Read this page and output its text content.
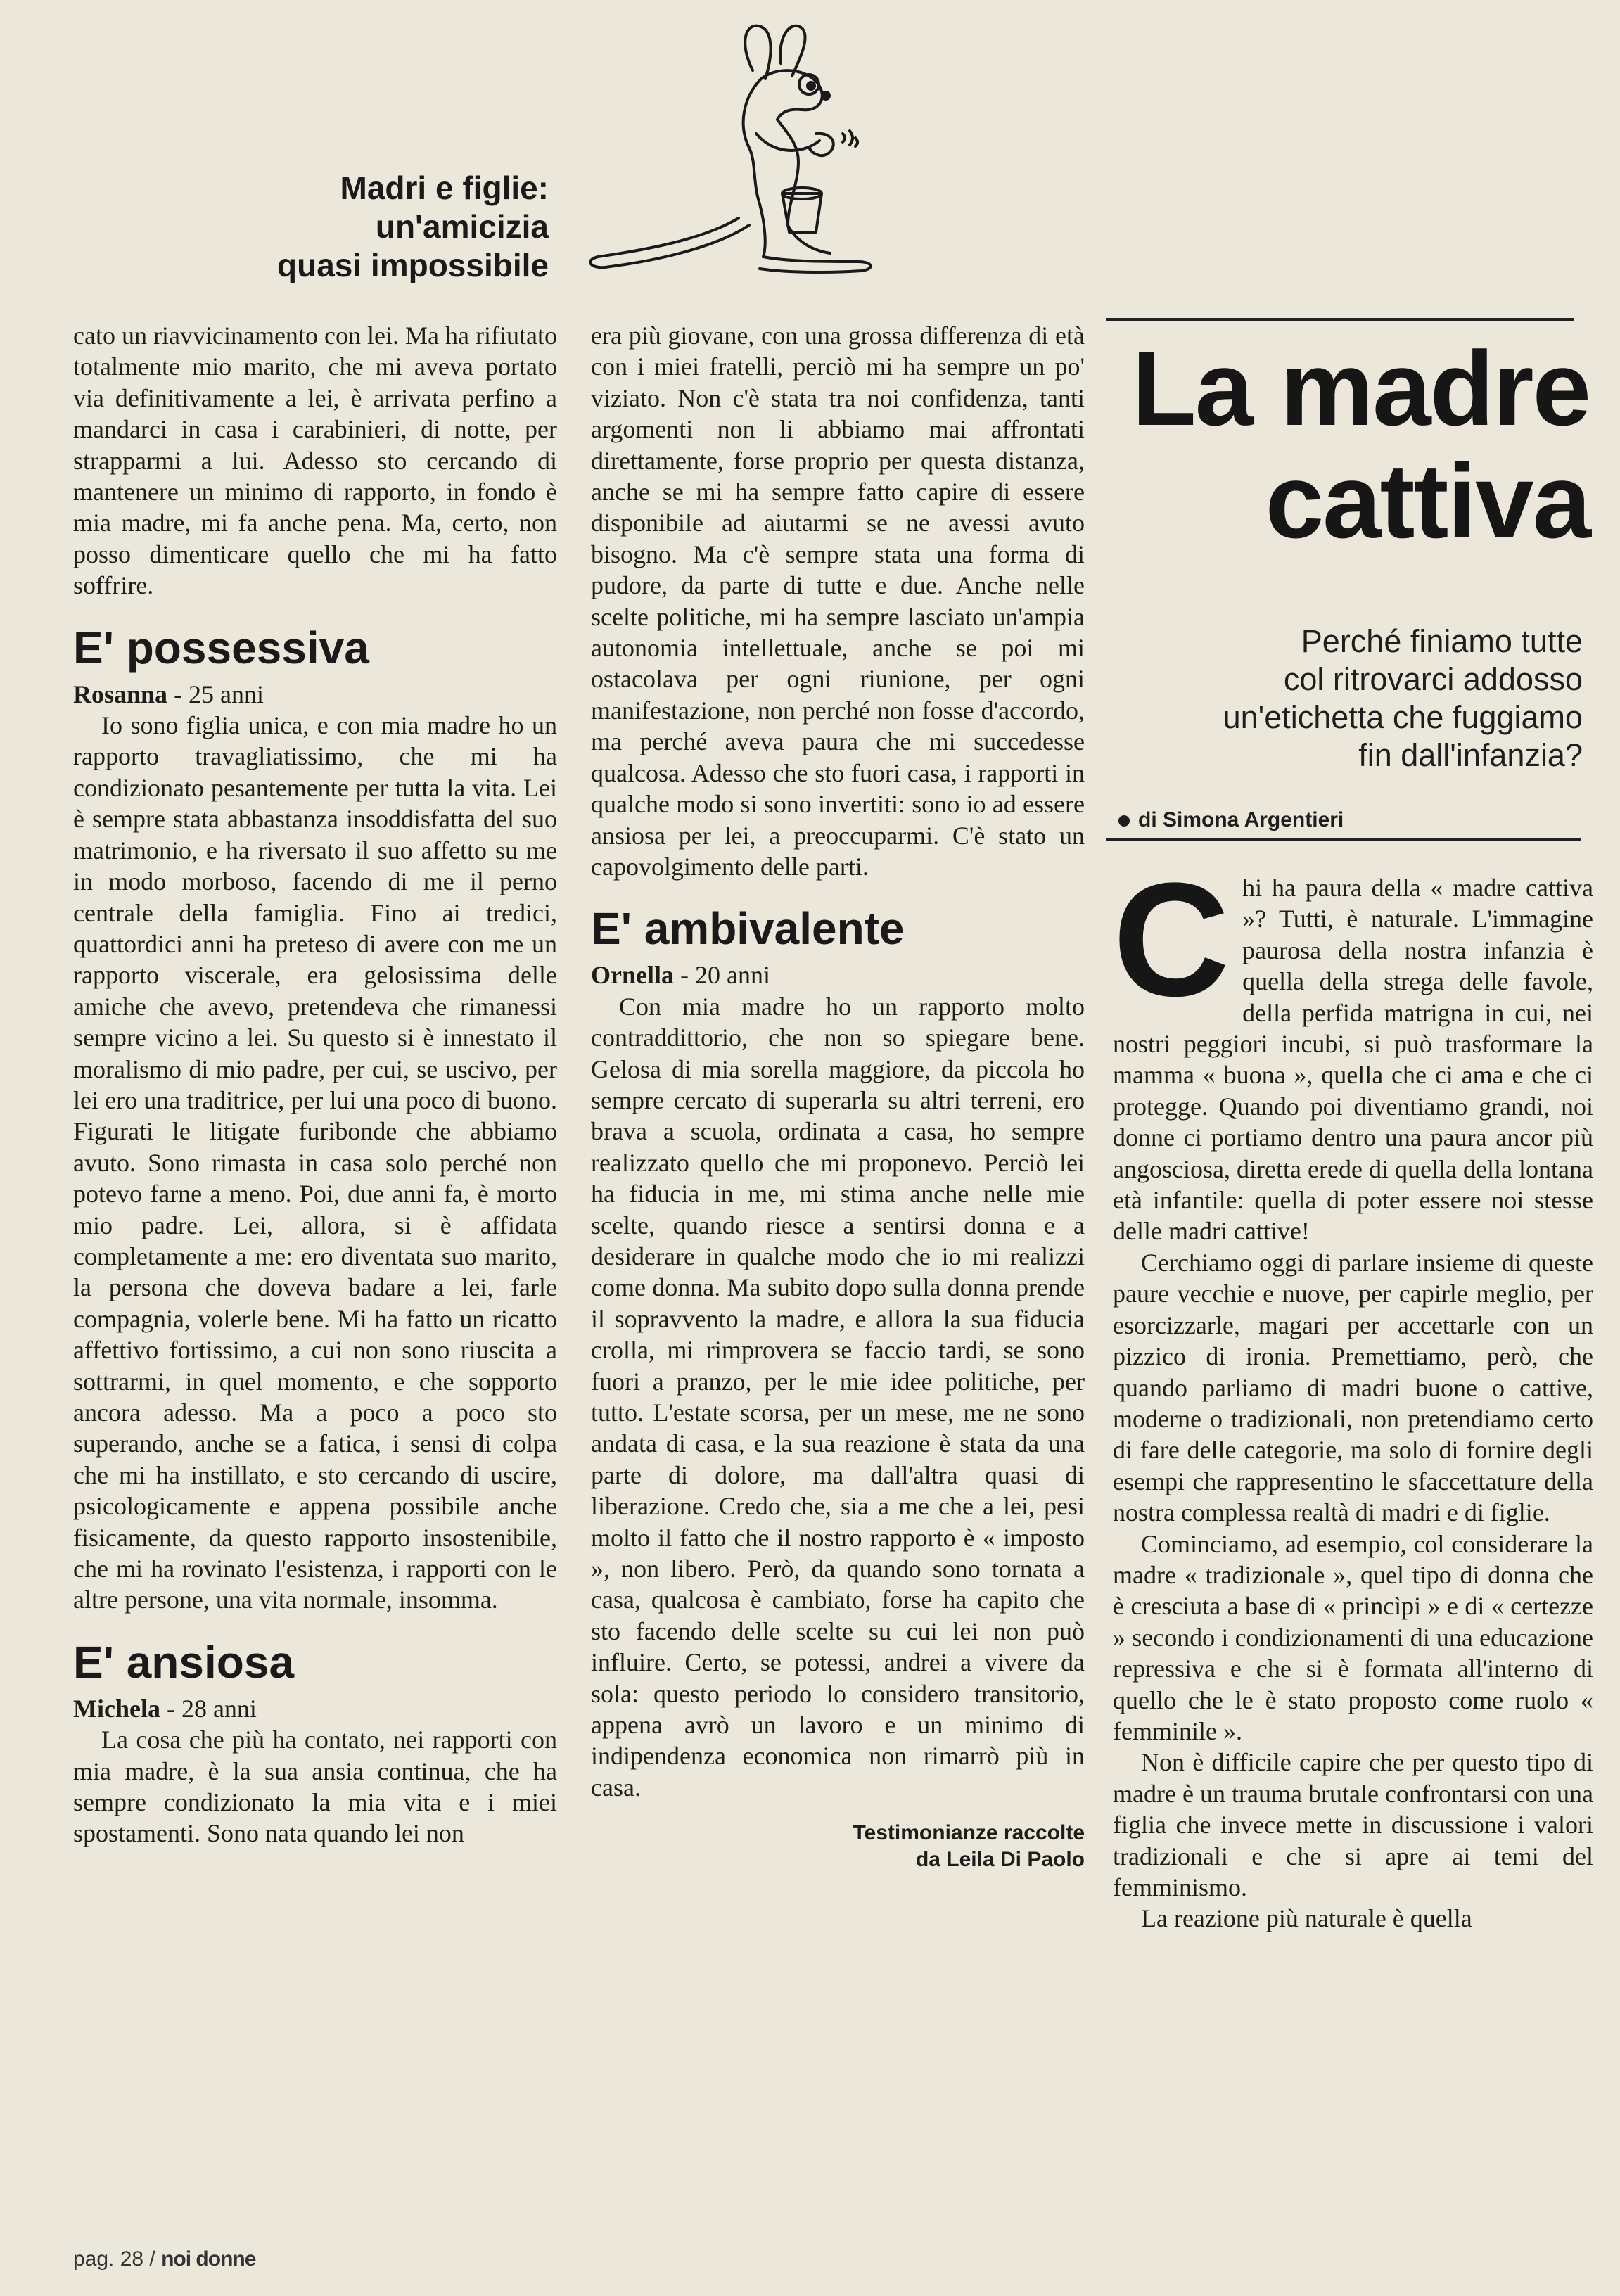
Madri e figlie:
un'amicizia
quasi impossibile

cato un riavvicinamento con lei. Ma ha rifiutato totalmente mio marito, che mi aveva portato via definitivamente a lei, è arrivata perfino a mandarci in casa i carabinieri, di notte, per strapparmi a lui. Adesso sto cercando di mantenere un minimo di rapporto, in fondo è mia madre, mi fa anche pena. Ma, certo, non posso dimenticare quello che mi ha fatto soffrire.

E' possessiva

Rosanna - 25 anni

Io sono figlia unica, e con mia madre ho un rapporto travagliatissimo, che mi ha condizionato pesantemente per tutta la vita. Lei è sempre stata abbastanza insoddisfatta del suo matrimonio, e ha riversato il suo affetto su me in modo morboso, facendo di me il perno centrale della famiglia. Fino ai tredici, quattordici anni ha preteso di avere con me un rapporto viscerale, era gelosissima delle amiche che avevo, pretendeva che rimanessi sempre vicino a lei. Su questo si è innestato il moralismo di mio padre, per cui, se uscivo, per lei ero una traditrice, per lui una poco di buono. Figurati le litigate furibonde che abbiamo avuto. Sono rimasta in casa solo perché non potevo farne a meno. Poi, due anni fa, è morto mio padre. Lei, allora, si è affidata completamente a me: ero diventata suo marito, la persona che doveva badare a lei, farle compagnia, volerle bene. Mi ha fatto un ricatto affettivo fortissimo, a cui non sono riuscita a sottrarmi, in quel momento, e che sopporto ancora adesso. Ma a poco a poco sto superando, anche se a fatica, i sensi di colpa che mi ha instillato, e sto cercando di uscire, psicologicamente e appena possibile anche fisicamente, da questo rapporto insostenibile, che mi ha rovinato l'esistenza, i rapporti con le altre persone, una vita normale, insomma.

E' ansiosa

Michela - 28 anni

La cosa che più ha contato, nei rapporti con mia madre, è la sua ansia continua, che ha sempre condizionato la mia vita e i miei spostamenti. Sono nata quando lei non

era più giovane, con una grossa differenza di età con i miei fratelli, perciò mi ha sempre un po' viziato. Non c'è stata tra noi confidenza, tanti argomenti non li abbiamo mai affrontati direttamente, forse proprio per questa distanza, anche se mi ha sempre fatto capire di essere disponibile ad aiutarmi se ne avessi avuto bisogno. Ma c'è sempre stata una forma di pudore, da parte di tutte e due. Anche nelle scelte politiche, mi ha sempre lasciato un'ampia autonomia intellettuale, anche se poi mi ostacolava per ogni riunione, per ogni manifestazione, non perché non fosse d'accordo, ma perché aveva paura che mi succedesse qualcosa. Adesso che sto fuori casa, i rapporti in qualche modo si sono invertiti: sono io ad essere ansiosa per lei, a preoccuparmi. C'è stato un capovolgimento delle parti.

E' ambivalente

Ornella - 20 anni

Con mia madre ho un rapporto molto contraddittorio, che non so spiegare bene. Gelosa di mia sorella maggiore, da piccola ho sempre cercato di superarla su altri terreni, ero brava a scuola, ordinata a casa, ho sempre realizzato quello che mi proponevo. Perciò lei ha fiducia in me, mi stima anche nelle mie scelte, quando riesce a sentirsi donna e a desiderare in qualche modo che io mi realizzi come donna. Ma subito dopo sulla donna prende il sopravvento la madre, e allora la sua fiducia crolla, mi rimprovera se faccio tardi, se sono fuori a pranzo, per le mie idee politiche, per tutto. L'estate scorsa, per un mese, me ne sono andata di casa, e la sua reazione è stata da una parte di dolore, ma dall'altra quasi di liberazione. Credo che, sia a me che a lei, pesi molto il fatto che il nostro rapporto è « imposto », non libero. Però, da quando sono tornata a casa, qualcosa è cambiato, forse ha capito che sto facendo delle scelte su cui lei non può influire. Certo, se potessi, andrei a vivere da sola: questo periodo lo considero transitorio, appena avrò un lavoro e un minimo di indipendenza economica non rimarrò più in casa.

Testimonianze raccolte
da Leila Di Paolo
La madre
cattiva
Perché finiamo tutte
col ritrovarci addosso
un'etichetta che fuggiamo
fin dall'infanzia?
di Simona Argentieri

Chi ha paura della « madre cattiva »? Tutti, è naturale. L'immagine paurosa della nostra infanzia è quella della strega delle favole, della perfida matrigna in cui, nei nostri peggiori incubi, si può trasformare la mamma « buona », quella che ci ama e che ci protegge. Quando poi diventiamo grandi, noi donne ci portiamo dentro una paura ancor più angosciosa, diretta erede di quella della lontana età infantile: quella di poter essere noi stesse delle madri cattive!

Cerchiamo oggi di parlare insieme di queste paure vecchie e nuove, per capirle meglio, per esorcizzarle, magari per accettarle con un pizzico di ironia. Premettiamo, però, che quando parliamo di madri buone o cattive, moderne o tradizionali, non pretendiamo certo di fare delle categorie, ma solo di fornire degli esempi che rappresentino le sfaccettature della nostra complessa realtà di madri e di figlie.

Cominciamo, ad esempio, col considerare la madre « tradizionale », quel tipo di donna che è cresciuta a base di « princìpi » e di « certezze » secondo i condizionamenti di una educazione repressiva e che si è formata all'interno di quello che le è stato proposto come ruolo « femminile ».

Non è difficile capire che per questo tipo di madre è un trauma brutale confrontarsi con una figlia che invece mette in discussione i valori tradizionali e che si apre ai temi del femminismo.

La reazione più naturale è quella

pag. 28 / noi donne
